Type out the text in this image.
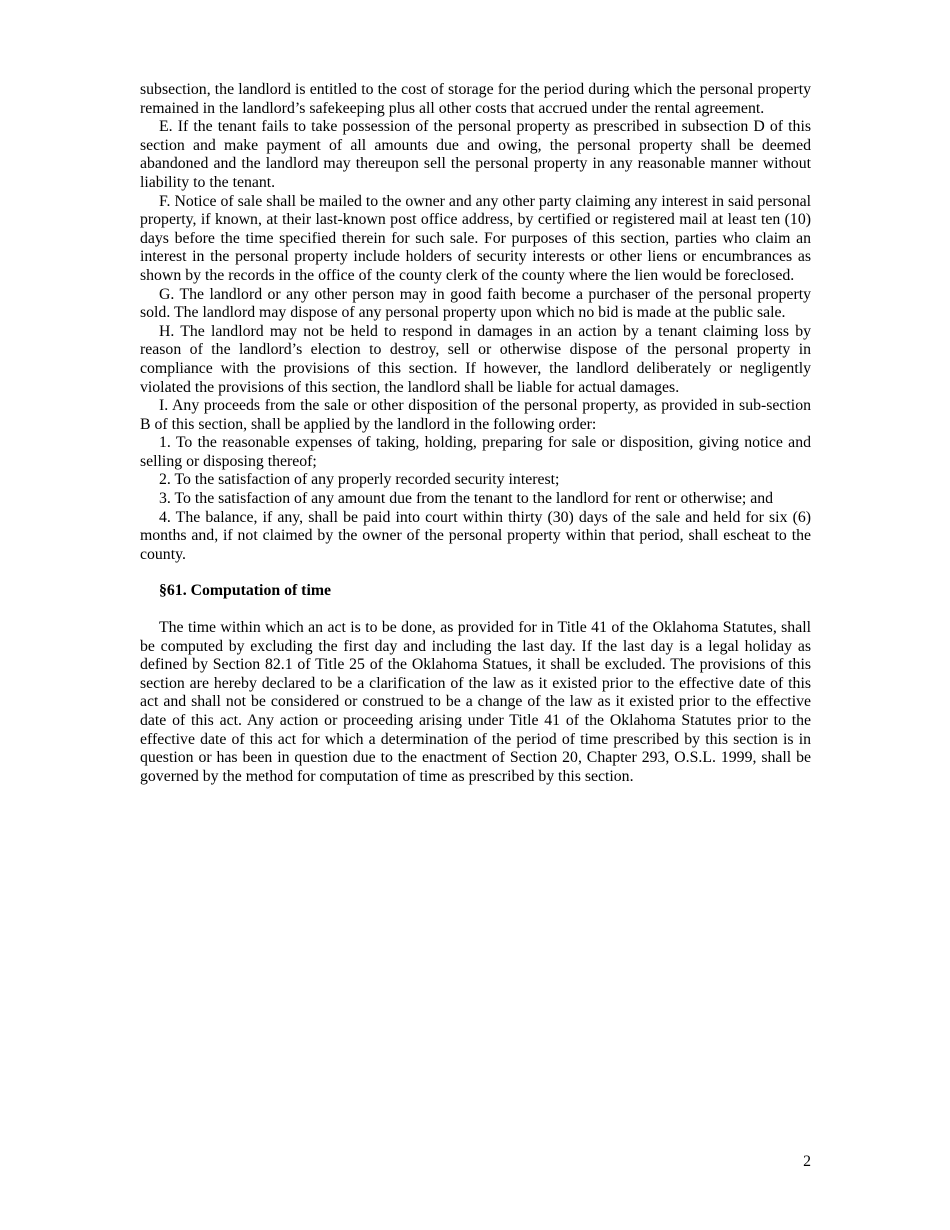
subsection, the landlord is entitled to the cost of storage for the period during which the personal property remained in the landlord’s safekeeping plus all other costs that accrued under the rental agreement.

E. If the tenant fails to take possession of the personal property as prescribed in subsection D of this section and make payment of all amounts due and owing, the personal property shall be deemed abandoned and the landlord may thereupon sell the personal property in any reasonable manner without liability to the tenant.

F. Notice of sale shall be mailed to the owner and any other party claiming any interest in said personal property, if known, at their last-known post office address, by certified or registered mail at least ten (10) days before the time specified therein for such sale. For purposes of this section, parties who claim an interest in the personal property include holders of security interests or other liens or encumbrances as shown by the records in the office of the county clerk of the county where the lien would be foreclosed.

G. The landlord or any other person may in good faith become a purchaser of the personal property sold. The landlord may dispose of any personal property upon which no bid is made at the public sale.

H. The landlord may not be held to respond in damages in an action by a tenant claiming loss by reason of the landlord’s election to destroy, sell or otherwise dispose of the personal property in compliance with the provisions of this section. If however, the landlord deliberately or negligently violated the provisions of this section, the landlord shall be liable for actual damages.

I. Any proceeds from the sale or other disposition of the personal property, as provided in sub-section B of this section, shall be applied by the landlord in the following order:

1. To the reasonable expenses of taking, holding, preparing for sale or disposition, giving notice and selling or disposing thereof;

2. To the satisfaction of any properly recorded security interest;

3. To the satisfaction of any amount due from the tenant to the landlord for rent or otherwise; and

4. The balance, if any, shall be paid into court within thirty (30) days of the sale and held for six (6) months and, if not claimed by the owner of the personal property within that period, shall escheat to the county.

§61. Computation of time

The time within which an act is to be done, as provided for in Title 41 of the Oklahoma Statutes, shall be computed by excluding the first day and including the last day. If the last day is a legal holiday as defined by Section 82.1 of Title 25 of the Oklahoma Statues, it shall be excluded. The provisions of this section are hereby declared to be a clarification of the law as it existed prior to the effective date of this act and shall not be considered or construed to be a change of the law as it existed prior to the effective date of this act. Any action or proceeding arising under Title 41 of the Oklahoma Statutes prior to the effective date of this act for which a determination of the period of time prescribed by this section is in question or has been in question due to the enactment of Section 20, Chapter 293, O.S.L. 1999, shall be governed by the method for computation of time as prescribed by this section.

2
